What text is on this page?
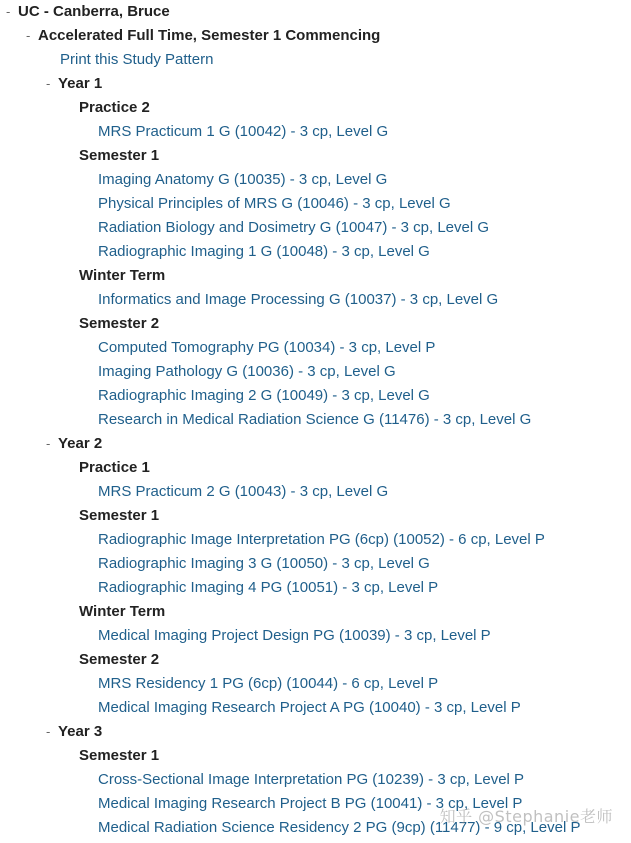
- UC - Canberra, Bruce
- Accelerated Full Time, Semester 1 Commencing
Print this Study Pattern
- Year 1
Practice 2
MRS Practicum 1 G (10042) - 3 cp, Level G
Semester 1
Imaging Anatomy G (10035) - 3 cp, Level G
Physical Principles of MRS G (10046) - 3 cp, Level G
Radiation Biology and Dosimetry G (10047) - 3 cp, Level G
Radiographic Imaging 1 G (10048) - 3 cp, Level G
Winter Term
Informatics and Image Processing G (10037) - 3 cp, Level G
Semester 2
Computed Tomography PG (10034) - 3 cp, Level P
Imaging Pathology G (10036) - 3 cp, Level G
Radiographic Imaging 2 G (10049) - 3 cp, Level G
Research in Medical Radiation Science G (11476) - 3 cp, Level G
- Year 2
Practice 1
MRS Practicum 2 G (10043) - 3 cp, Level G
Semester 1
Radiographic Image Interpretation PG (6cp) (10052) - 6 cp, Level P
Radiographic Imaging 3 G (10050) - 3 cp, Level G
Radiographic Imaging 4 PG (10051) - 3 cp, Level P
Winter Term
Medical Imaging Project Design PG (10039) - 3 cp, Level P
Semester 2
MRS Residency 1 PG (6cp) (10044) - 6 cp, Level P
Medical Imaging Research Project A PG (10040) - 3 cp, Level P
- Year 3
Semester 1
Cross-Sectional Image Interpretation PG (10239) - 3 cp, Level P
Medical Imaging Research Project B PG (10041) - 3 cp, Level P
Medical Radiation Science Residency 2 PG (9cp) (11477) - 9 cp, Level P
知乎 @Stephanie老师
